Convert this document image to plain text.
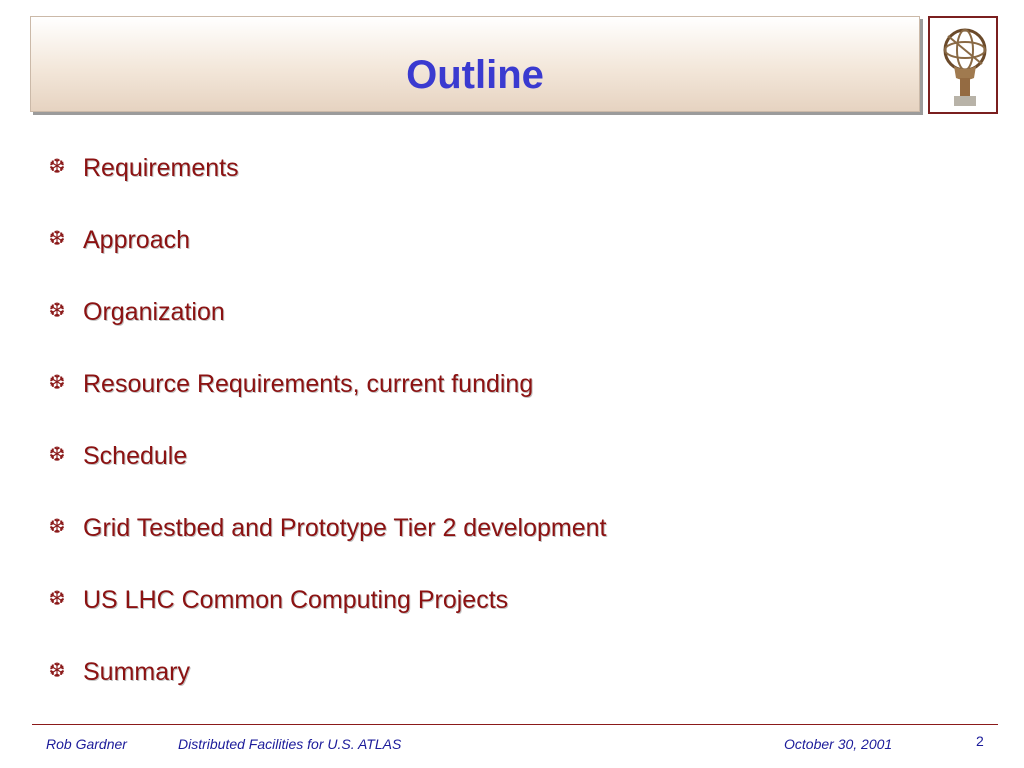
Outline
❆ Requirements
❆ Approach
❆ Organization
❆ Resource Requirements, current funding
❆ Schedule
❆ Grid Testbed and Prototype Tier 2 development
❆ US LHC Common Computing Projects
❆ Summary
Rob Gardner	Distributed Facilities for U.S. ATLAS	October 30, 2001	2
